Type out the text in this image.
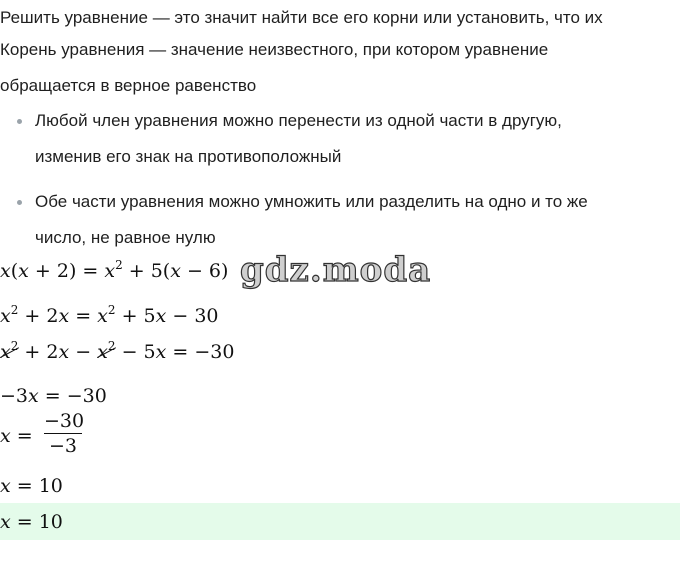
Решить уравнение — это значит найти все его корни или установить, что их
Корень уравнения — значение неизвестного, при котором уравнение
обращается в верное равенство
Любой член уравнения можно перенести из одной части в другую,
изменив его знак на противоположный
Обе части уравнения можно умножить или разделить на одно и то же
число, не равное нулю
gdz.moda
$x(x + 2) = x^2 + 5(x - 6)$
$x^2 + 2x = x^2 + 5x - 30$
$x^2$
+ $2x - x^2$
− 5x = −30
−3x = −30
x =
−30
−3
x = 10
x = 10
